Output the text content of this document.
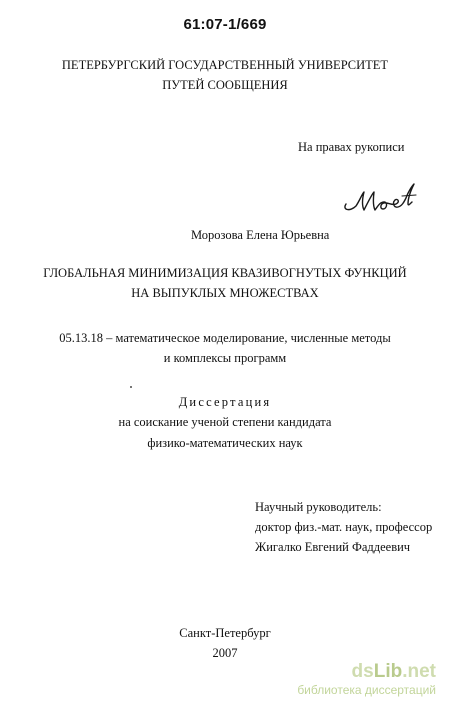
61:07-1/669
ПЕТЕРБУРГСКИЙ ГОСУДАРСТВЕННЫЙ УНИВЕРСИТЕТ
ПУТЕЙ СООБЩЕНИЯ
На правах рукописи
Морозова Елена Юрьевна
ГЛОБАЛЬНАЯ МИНИМИЗАЦИЯ КВАЗИВОГНУТЫХ ФУНКЦИЙ
НА ВЫПУКЛЫХ МНОЖЕСТВАХ
05.13.18 – математическое моделирование, численные методы
и комплексы программ
Диссертация
на соискание ученой степени кандидата
физико-математических наук
Научный руководитель:
доктор физ.-мат. наук, профессор
Жигалко Евгений Фаддеевич
Санкт-Петербург
2007
dsLib.net
библиотека диссертаций
